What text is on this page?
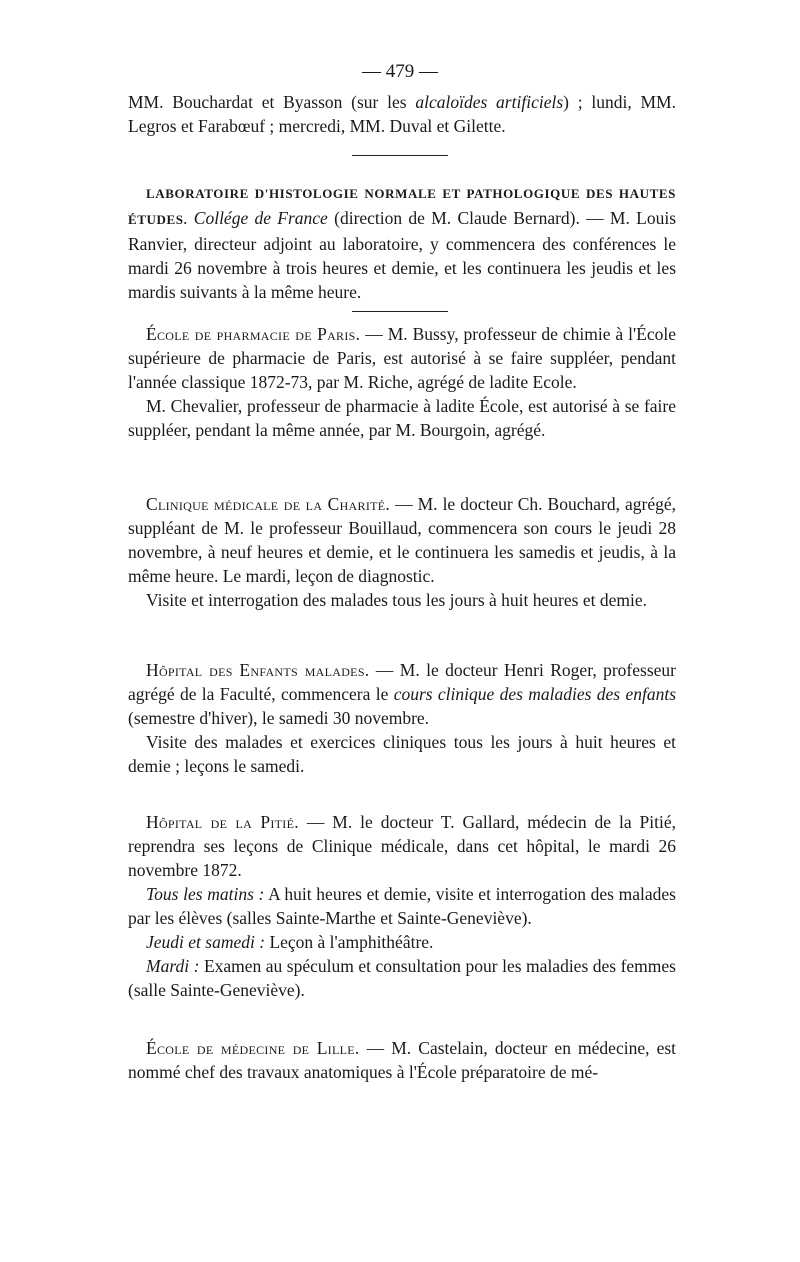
— 479 —

MM. Bouchardat et Byasson (sur les alcaloïdes artificiels) ; lundi, MM. Legros et Farabœuf ; mercredi, MM. Duval et Gilette.

LABORATOIRE D'HISTOLOGIE NORMALE ET PATHOLOGIQUE DES HAUTES ÉTUDES. Collége de France (direction de M. Claude Bernard). — M. Louis Ranvier, directeur adjoint au laboratoire, y commencera des conférences le mardi 26 novembre à trois heures et demie, et les continuera les jeudis et les mardis suivants à la même heure.

École de pharmacie de Paris. — M. Bussy, professeur de chimie à l'École supérieure de pharmacie de Paris, est autorisé à se faire suppléer, pendant l'année classique 1872-73, par M. Riche, agrégé de ladite Ecole.

M. Chevalier, professeur de pharmacie à ladite École, est autorisé à se faire suppléer, pendant la même année, par M. Bourgoin, agrégé.

Clinique médicale de la Charité. — M. le docteur Ch. Bouchard, agrégé, suppléant de M. le professeur Bouillaud, commencera son cours le jeudi 28 novembre, à neuf heures et demie, et le continuera les samedis et jeudis, à la même heure. Le mardi, leçon de diagnostic.

Visite et interrogation des malades tous les jours à huit heures et demie.

Hôpital des Enfants malades. — M. le docteur Henri Roger, professeur agrégé de la Faculté, commencera le cours clinique des maladies des enfants (semestre d'hiver), le samedi 30 novembre.

Visite des malades et exercices cliniques tous les jours à huit heures et demie ; leçons le samedi.

Hôpital de la Pitié. — M. le docteur T. Gallard, médecin de la Pitié, reprendra ses leçons de Clinique médicale, dans cet hôpital, le mardi 26 novembre 1872.

Tous les matins : A huit heures et demie, visite et interrogation des malades par les élèves (salles Sainte-Marthe et Sainte-Geneviève).

Jeudi et samedi : Leçon à l'amphithéâtre.

Mardi : Examen au spéculum et consultation pour les maladies des femmes (salle Sainte-Geneviève).

École de médecine de Lille. — M. Castelain, docteur en médecine, est nommé chef des travaux anatomiques à l'École préparatoire de mé-
